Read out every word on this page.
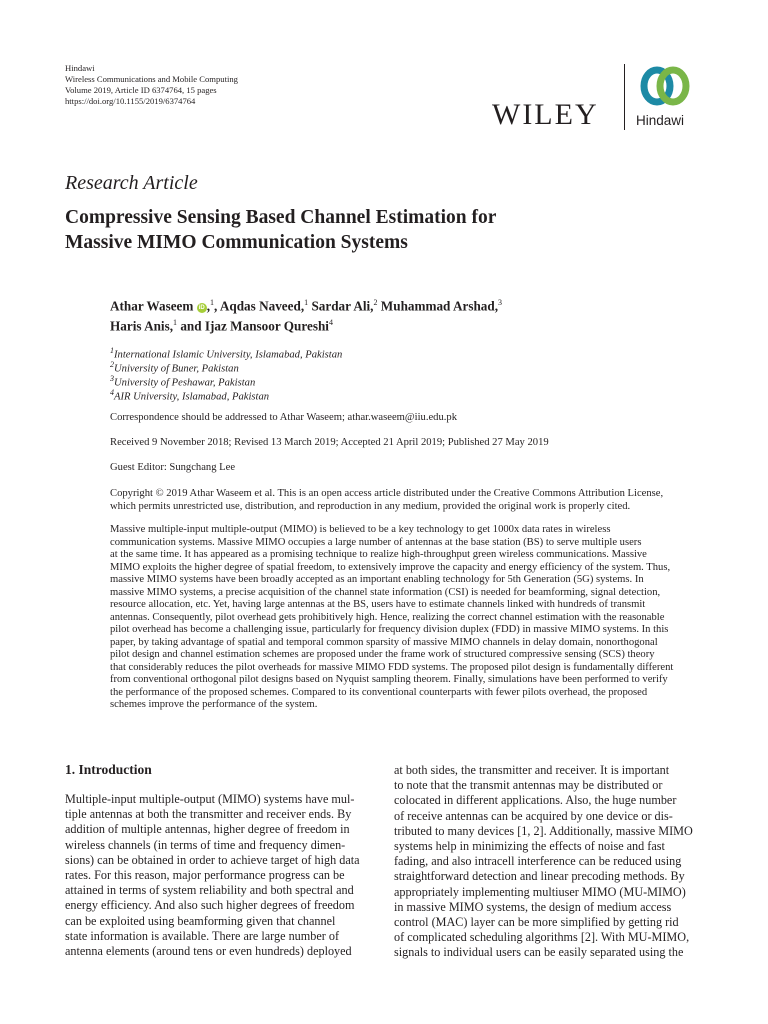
Hindawi
Wireless Communications and Mobile Computing
Volume 2019, Article ID 6374764, 15 pages
https://doi.org/10.1155/2019/6374764	WILEY	Hindawi
Research Article
Compressive Sensing Based Channel Estimation for
Massive MIMO Communication Systems
Athar Waseem iD ,$^1$, Aqdas Naveed,$^1$ Sardar Ali,$^2$ Muhammad Arshad,$^3$
Haris Anis,$^1$ and Ijaz Mansoor Qureshi$^4$
$^1$International Islamic University, Islamabad, Pakistan
$^2$University of Buner, Pakistan
$^3$University of Peshawar, Pakistan
$^4$AIR University, Islamabad, Pakistan
Correspondence should be addressed to Athar Waseem; athar.waseem@iiu.edu.pk
Received 9 November 2018; Revised 13 March 2019; Accepted 21 April 2019; Published 27 May 2019
Guest Editor: Sungchang Lee
Copyright © 2019 Athar Waseem et al. This is an open access article distributed under the Creative Commons Attribution License,
which permits unrestricted use, distribution, and reproduction in any medium, provided the original work is properly cited.
Massive multiple-input multiple-output (MIMO) is believed to be a key technology to get 1000x data rates in wireless
communication systems. Massive MIMO occupies a large number of antennas at the base station (BS) to serve multiple users
at the same time. It has appeared as a promising technique to realize high-throughput green wireless communications. Massive
MIMO exploits the higher degree of spatial freedom, to extensively improve the capacity and energy efficiency of the system. Thus,
massive MIMO systems have been broadly accepted as an important enabling technology for 5th Generation (5G) systems. In
massive MIMO systems, a precise acquisition of the channel state information (CSI) is needed for beamforming, signal detection,
resource allocation, etc. Yet, having large antennas at the BS, users have to estimate channels linked with hundreds of transmit
antennas. Consequently, pilot overhead gets prohibitively high. Hence, realizing the correct channel estimation with the reasonable
pilot overhead has become a challenging issue, particularly for frequency division duplex (FDD) in massive MIMO systems. In this
paper, by taking advantage of spatial and temporal common sparsity of massive MIMO channels in delay domain, nonorthogonal
pilot design and channel estimation schemes are proposed under the frame work of structured compressive sensing (SCS) theory
that considerably reduces the pilot overheads for massive MIMO FDD systems. The proposed pilot design is fundamentally different
from conventional orthogonal pilot designs based on Nyquist sampling theorem. Finally, simulations have been performed to verify
the performance of the proposed schemes. Compared to its conventional counterparts with fewer pilots overhead, the proposed
schemes improve the performance of the system.
1. Introduction
Multiple-input multiple-output (MIMO) systems have mul-
tiple antennas at both the transmitter and receiver ends. By
addition of multiple antennas, higher degree of freedom in
wireless channels (in terms of time and frequency dimen-
sions) can be obtained in order to achieve target of high data
rates. For this reason, major performance progress can be
attained in terms of system reliability and both spectral and
energy efficiency. And also such higher degrees of freedom
can be exploited using beamforming given that channel
state information is available. There are large number of
antenna elements (around tens or even hundreds) deployed
at both sides, the transmitter and receiver. It is important
to note that the transmit antennas may be distributed or
colocated in different applications. Also, the huge number
of receive antennas can be acquired by one device or dis-
tributed to many devices [1, 2]. Additionally, massive MIMO
systems help in minimizing the effects of noise and fast
fading, and also intracell interference can be reduced using
straightforward detection and linear precoding methods. By
appropriately implementing multiuser MIMO (MU-MIMO)
in massive MIMO systems, the design of medium access
control (MAC) layer can be more simplified by getting rid
of complicated scheduling algorithms [2]. With MU-MIMO,
signals to individual users can be easily separated using the
